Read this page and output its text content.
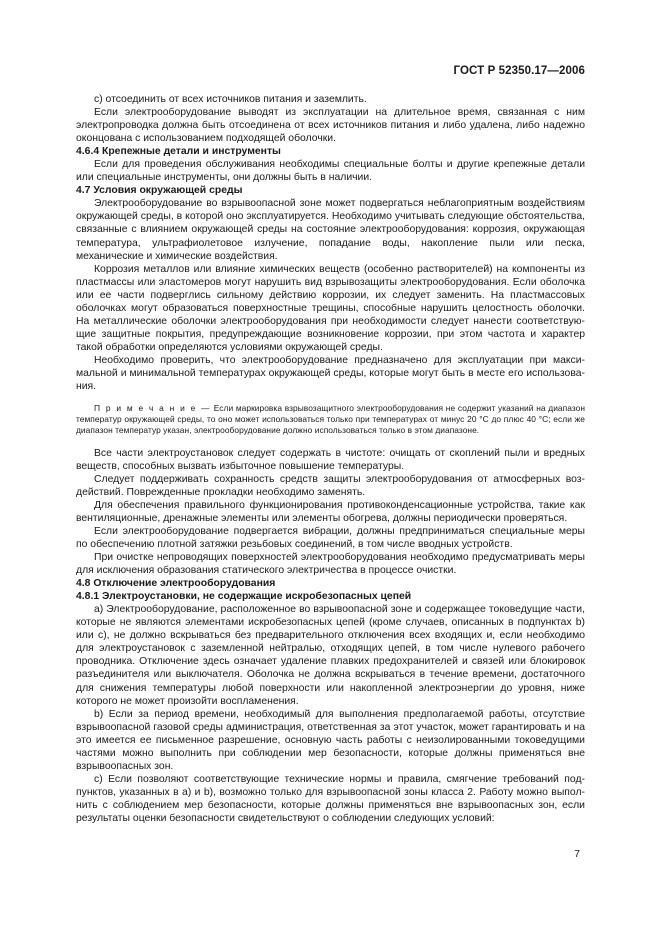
ГОСТ Р 52350.17—2006

c) отсоединить от всех источников питания и заземлить.

Если электрооборудование выводят из эксплуатации на длительное время, связанная с ним электропроводка должна быть отсоединена от всех источников питания и либо удалена, либо надежно оконцована с использованием подходящей оболочки.

4.6.4 Крепежные детали и инструменты

Если для проведения обслуживания необходимы специальные болты и другие крепежные детали или специальные инструменты, они должны быть в наличии.

4.7 Условия окружающей среды

Электрооборудование во взрывоопасной зоне может подвергаться неблагоприятным воздействиям окружающей среды, в которой оно эксплуатируется. Необходимо учитывать следующие обстоятельства, связанные с влиянием окружающей среды на состояние электрооборудования: коррозия, окружающая температура, ультрафиолетовое излучение, попадание воды, накопление пыли или песка, механические и химические воздействия.

Коррозия металлов или влияние химических веществ (особенно растворителей) на компоненты из пластмассы или эластомеров могут нарушить вид взрывозащиты электрооборудования. Если оболочка или ее части подверглись сильному действию коррозии, их следует заменить. На пластмассовых оболочках могут образоваться поверхностные трещины, способные нарушить целостность оболочки. На металлические оболочки электрооборудования при необходимости следует нанести соответствующие защитные покрытия, предупреждающие возникновение коррозии, при этом частота и характер такой обработки определяются условиями окружающей среды.

Необходимо проверить, что электрооборудование предназначено для эксплуатации при максимальной и минимальной температурах окружающей среды, которые могут быть в месте его использования.

П р и м е ч а н и е — Если маркировка взрывозащитного электрооборудования не содержит указаний на диапазон температур окружающей среды, то оно может использоваться только при температурах от минус 20 °С до плюс 40 °С; если же диапазон температур указан, электрооборудование должно использоваться только в этом диапазоне.

Все части электроустановок следует содержать в чистоте: очищать от скоплений пыли и вредных веществ, способных вызвать избыточное повышение температуры.

Следует поддерживать сохранность средств защиты электрооборудования от атмосферных воздействий. Поврежденные прокладки необходимо заменять.

Для обеспечения правильного функционирования противоконденсационные устройства, такие как вентиляционные, дренажные элементы или элементы обогрева, должны периодически проверяться.

Если электрооборудование подвергается вибрации, должны предприниматься специальные меры по обеспечению плотной затяжки резьбовых соединений, в том числе вводных устройств.

При очистке непроводящих поверхностей электрооборудования необходимо предусматривать меры для исключения образования статического электричества в процессе очистки.

4.8 Отключение электрооборудования

4.8.1 Электроустановки, не содержащие искробезопасных цепей

a) Электрооборудование, расположенное во взрывоопасной зоне и содержащее токоведущие части, которые не являются элементами искробезопасных цепей (кроме случаев, описанных в подпунктах b) или c), не должно вскрываться без предварительного отключения всех входящих и, если необходимо для электроустановок с заземленной нейтралью, отходящих цепей, в том числе нулевого рабочего проводника. Отключение здесь означает удаление плавких предохранителей и связей или блокировок разъединителя или выключателя. Оболочка не должна вскрываться в течение времени, достаточного для снижения температуры любой поверхности или накопленной электроэнергии до уровня, ниже которого не может произойти воспламенения.

b) Если за период времени, необходимый для выполнения предполагаемой работы, отсутствие взрывоопасной газовой среды администрация, ответственная за этот участок, может гарантировать и на это имеется ее письменное разрешение, основную часть работы с неизолированными токоведущими частями можно выполнить при соблюдении мер безопасности, которые должны применяться вне взрывоопасных зон.

c) Если позволяют соответствующие технические нормы и правила, смягчение требований подпунктов, указанных в а) и b), возможно только для взрывоопасной зоны класса 2. Работу можно выполнить с соблюдением мер безопасности, которые должны применяться вне взрывоопасных зон, если результаты оценки безопасности свидетельствуют о соблюдении следующих условий:

7
